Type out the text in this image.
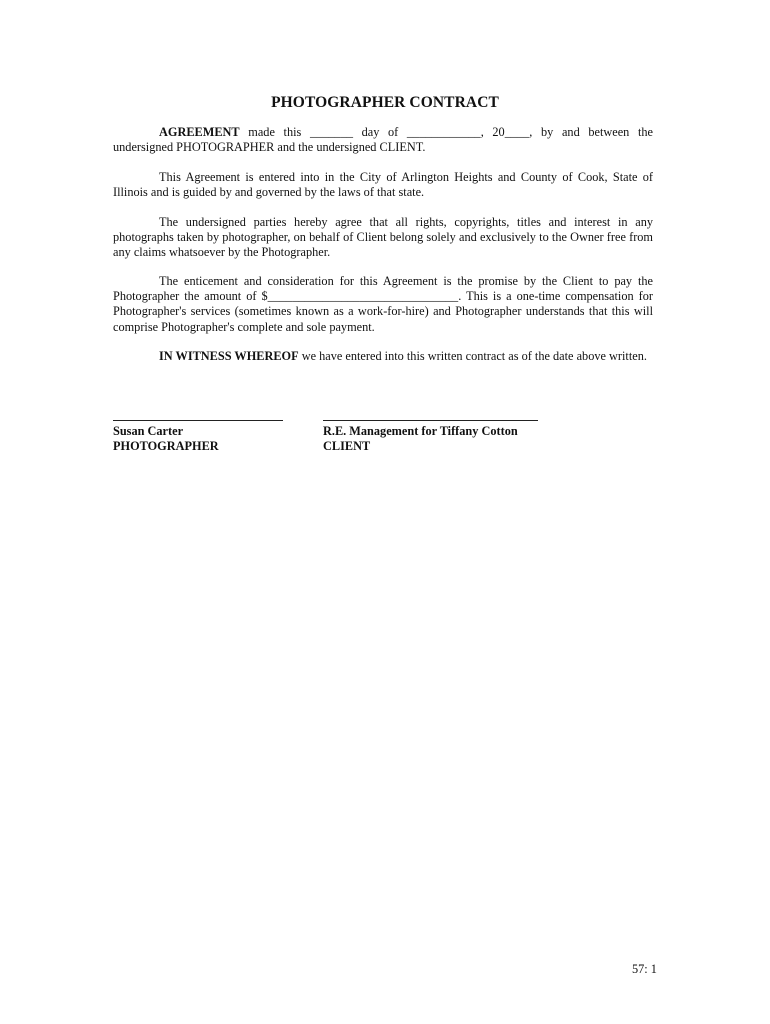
PHOTOGRAPHER CONTRACT
AGREEMENT made this _______ day of ____________, 20____, by and between the undersigned PHOTOGRAPHER and the undersigned CLIENT.
This Agreement is entered into in the City of Arlington Heights and County of Cook, State of Illinois and is guided by and governed by the laws of that state.
The undersigned parties hereby agree that all rights, copyrights, titles and interest in any photographs taken by photographer, on behalf of Client belong solely and exclusively to the Owner free from any claims whatsoever by the Photographer.
The enticement and consideration for this Agreement is the promise by the Client to pay the Photographer the amount of $_______________________________. This is a one-time compensation for Photographer's services (sometimes known as a work-for-hire) and Photographer understands that this will comprise Photographer's complete and sole payment.
IN WITNESS WHEREOF we have entered into this written contract as of the date above written.
Susan Carter
PHOTOGRAPHER
R.E. Management for Tiffany Cotton
CLIENT
57: 1
